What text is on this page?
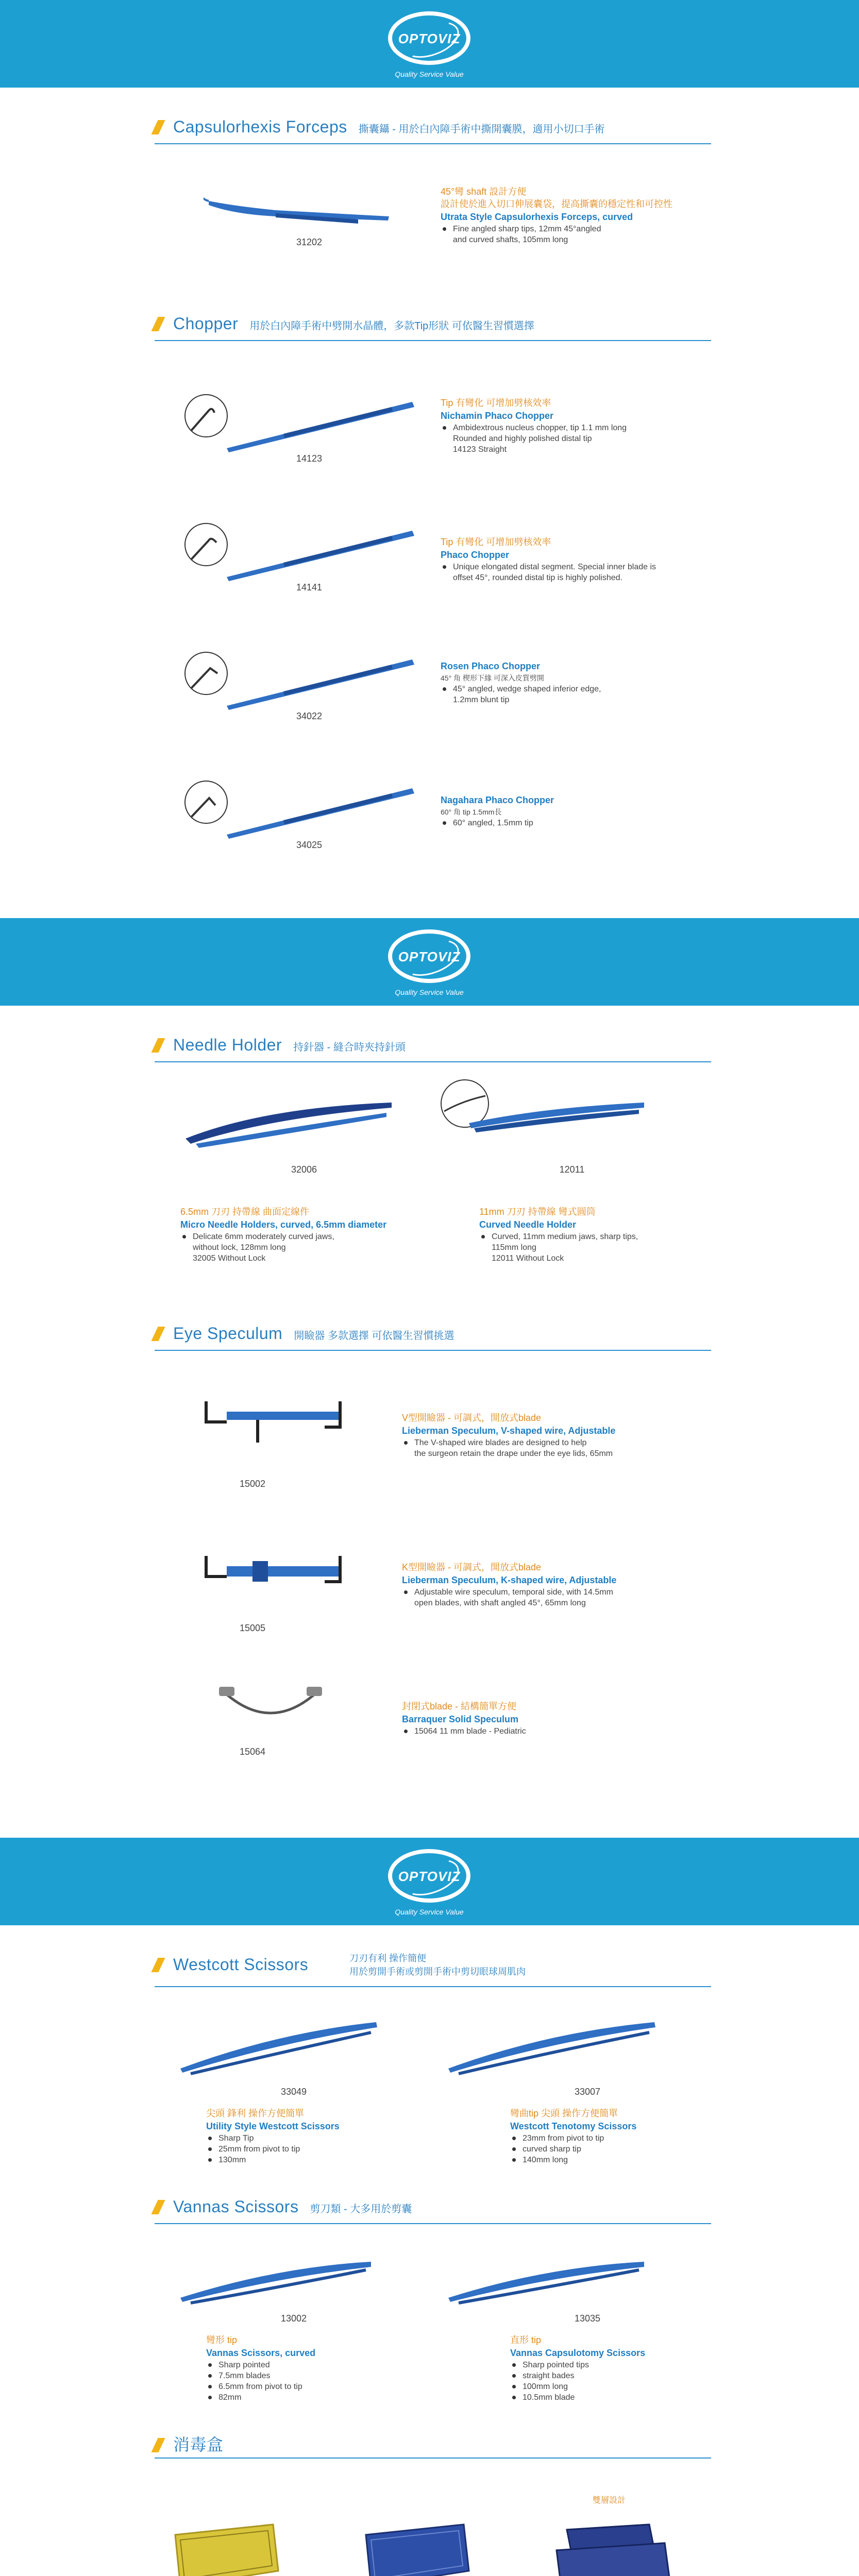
OPTOVIZ
Quality Service Value
Capsulorhexis Forceps 撕囊鑷 - 用於白內障手術中撕開囊膜，適用小切口手術
31202
45°彎 shaft 設計方便
設計使於進入切口伸展囊袋，提高撕囊的穩定性和可控性
Utrata Style Capsulorhexis Forceps, curved
Fine angled sharp tips, 12mm 45°angled
and curved shafts, 105mm long
Chopper 用於白內障手術中劈開水晶體，多款Tip形狀 可依醫生習慣選擇
14123
Tip 有彎化 可增加劈核效率
Nichamin Phaco Chopper
Ambidextrous nucleus chopper, tip 1.1 mm long
Rounded and highly polished distal tip
14123 Straight
14141
Tip 有彎化 可增加劈核效率
Phaco Chopper
Unique elongated distal segment. Special inner blade is
offset 45°, rounded distal tip is highly polished.
34022
Rosen Phaco Chopper
45° 角 楔形下緣 可深入皮質劈開
45° angled, wedge shaped inferior edge,
1.2mm blunt tip
34025
Nagahara Phaco Chopper
60° 角 tip 1.5mm長
60° angled, 1.5mm tip
OPTOVIZ
Quality Service Value
Needle Holder 持針器 - 縫合時夾持針頭
32006
6.5mm 刀刃 持帶線 曲面定線件
Micro Needle Holders, curved, 6.5mm diameter
Delicate 6mm moderately curved jaws,
without lock, 128mm long
32005 Without Lock
12011
11mm 刀刃 持帶線 彎式圓筒
Curved Needle Holder
Curved, 11mm medium jaws, sharp tips,
115mm long
12011 Without Lock
Eye Speculum 開瞼器 多款選擇 可依醫生習慣挑選
15002
V型開瞼器 - 可調式，開放式blade
Lieberman Speculum, V-shaped wire, Adjustable
The V-shaped wire blades are designed to help
the surgeon retain the drape under the eye lids, 65mm
15005
K型開瞼器 - 可調式，開放式blade
Lieberman Speculum, K-shaped wire, Adjustable
Adjustable wire speculum, temporal side, with 14.5mm
open blades, with shaft angled 45°, 65mm long
15064
封閉式blade - 結構簡單方便
Barraquer Solid Speculum
15064 11 mm blade - Pediatric
OPTOVIZ
Quality Service Value
Westcott Scissors	刀刃有利 操作簡便
用於剪開手術或剪開手術中剪切眼球周肌肉
33049
尖頭 鋒利 操作方便簡單
Utility Style Westcott Scissors
Sharp Tip
25mm from pivot to tip
130mm
33007
彎曲tip 尖頭 操作方便簡單
Westcott Tenotomy Scissors
23mm from pivot to tip
curved sharp tip
140mm long
Vannas Scissors 剪刀類 - 大多用於剪囊
13002
彎形 tip
Vannas Scissors, curved
Sharp pointed
7.5mm blades
6.5mm from pivot to tip
82mm
13035
直形 tip
Vannas Capsulotomy Scissors
Sharp pointed tips
straight bades
100mm long
10.5mm blade
消毒盒
雙層設計
